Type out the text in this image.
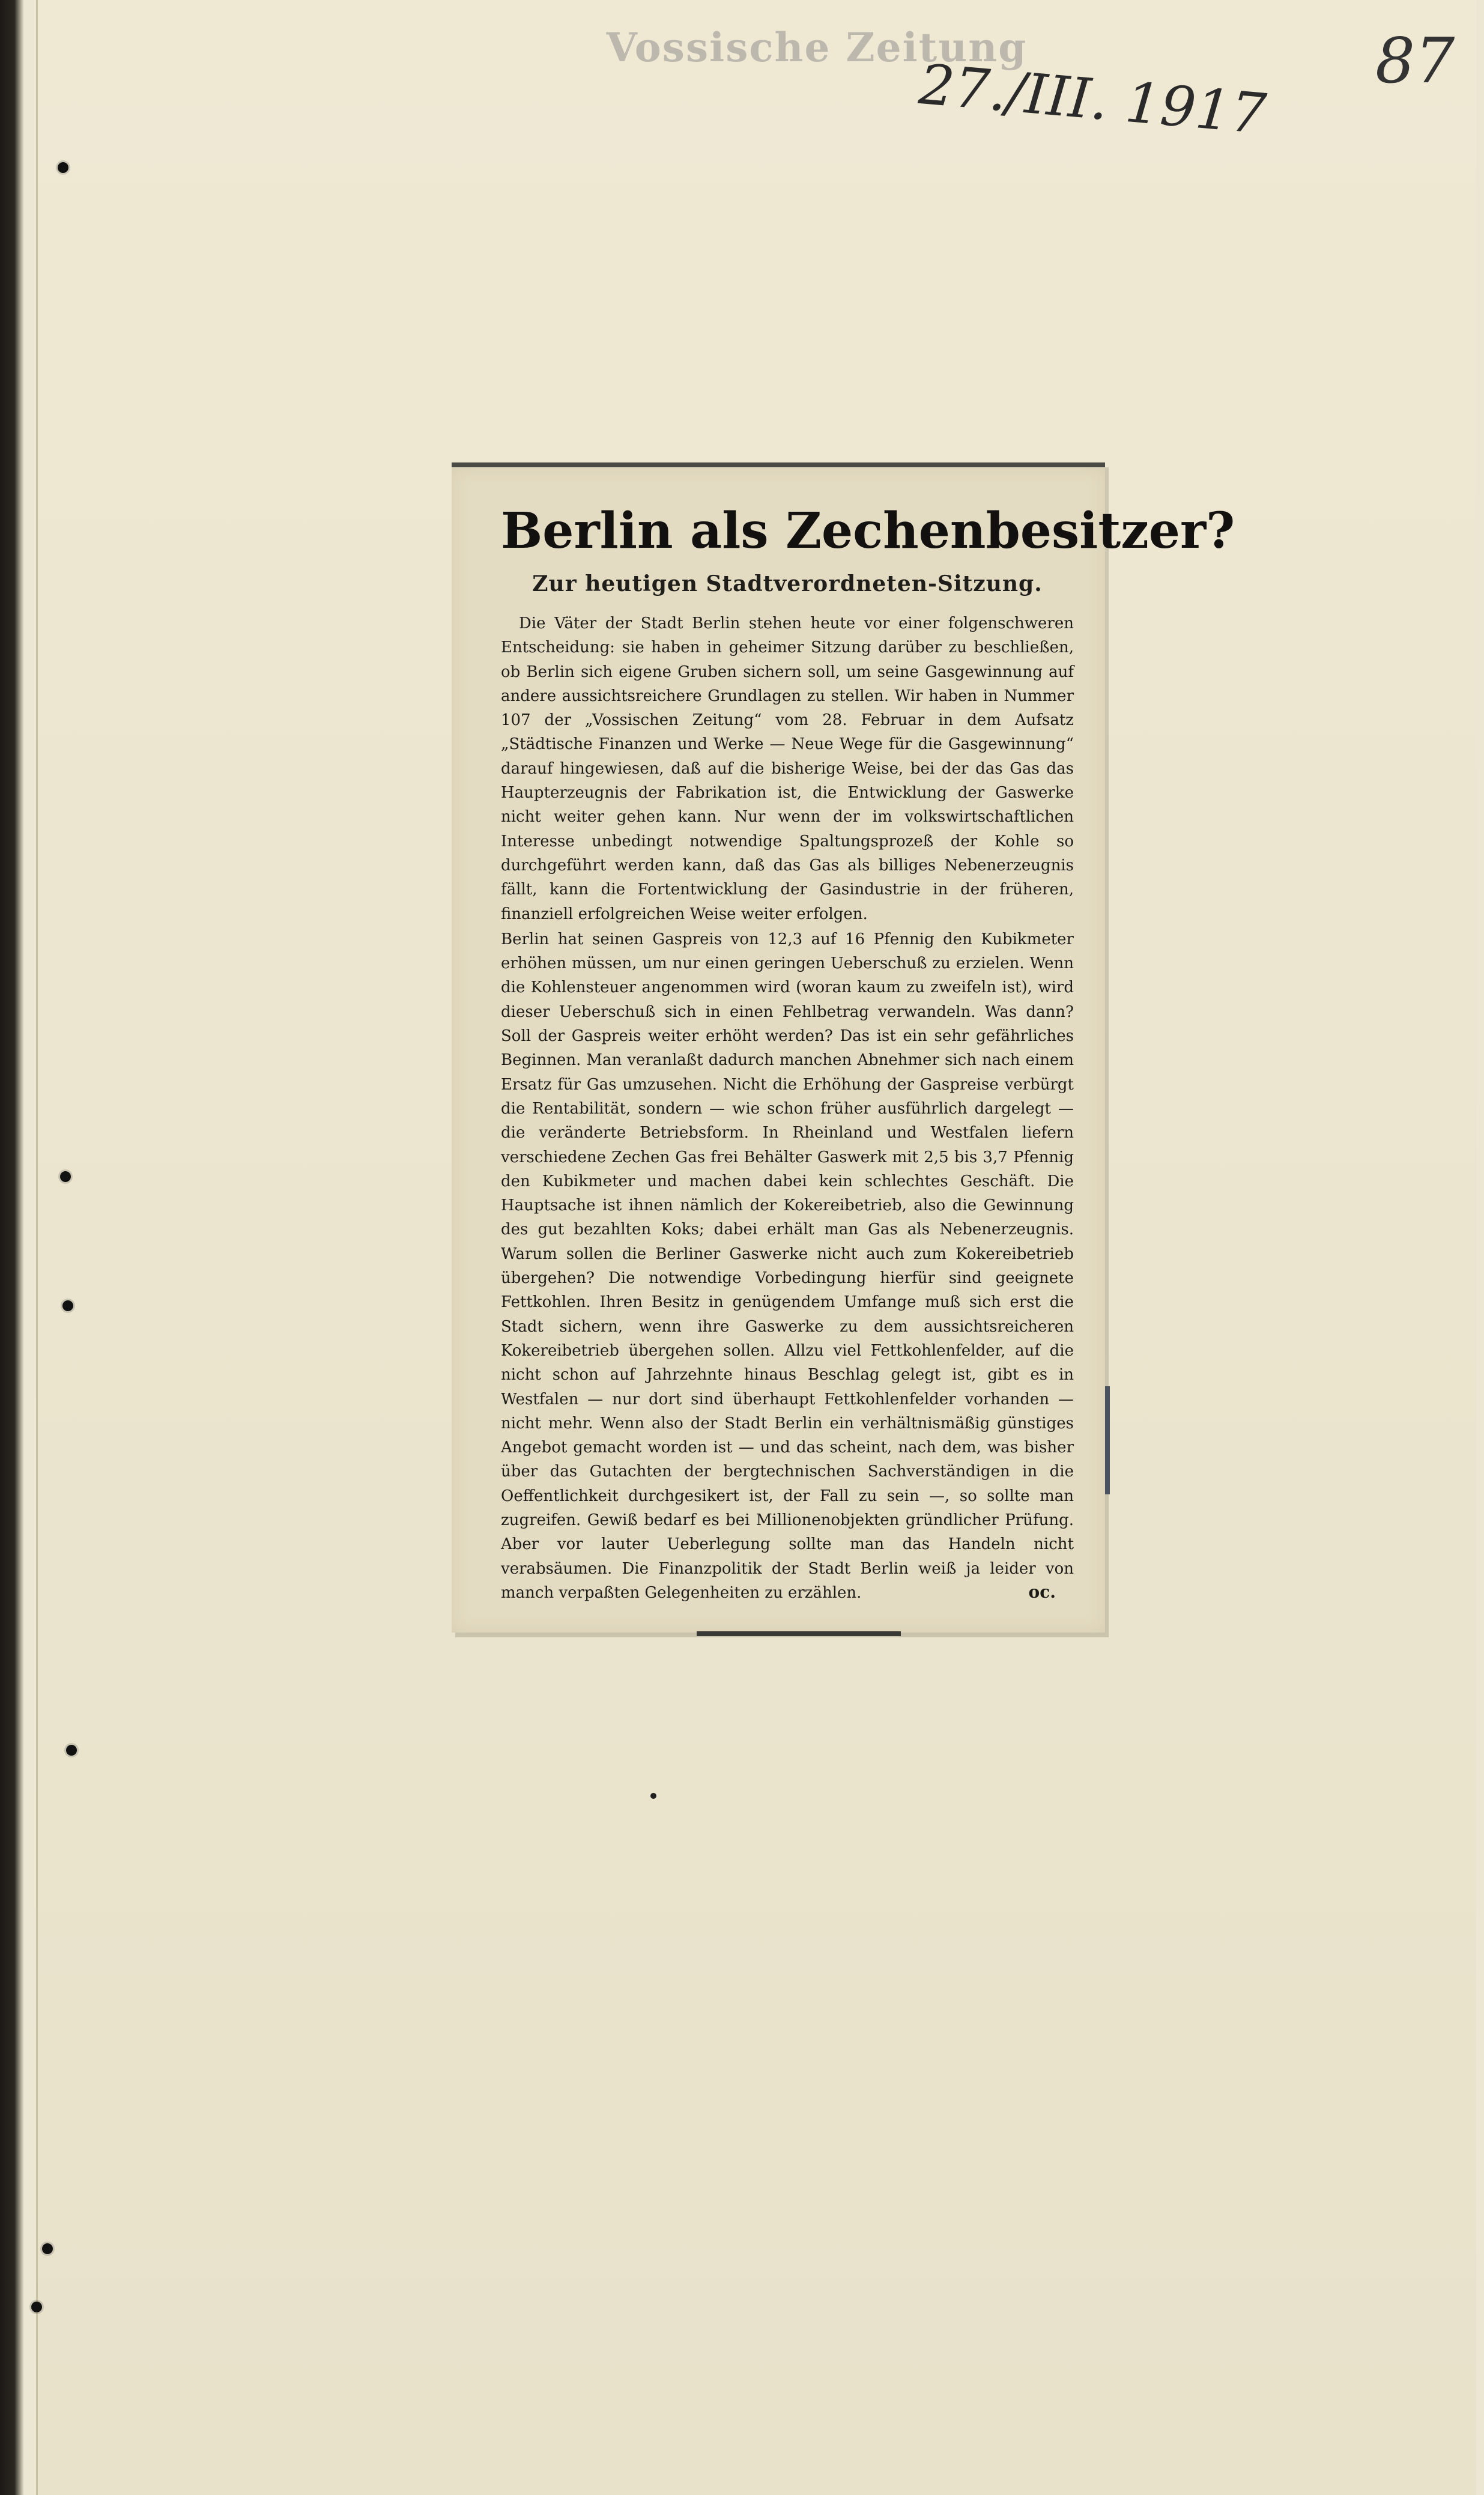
Vossische Zeitung
27./III. 1917 87
Berlin als Zechenbesitzer?
Zur heutigen Stadtverordneten-Sitzung.

Die Väter der Stadt Berlin stehen heute vor einer folgenschweren Entscheidung: sie haben in geheimer Sitzung darüber zu beschließen, ob Berlin sich eigene Gruben sichern soll, um seine Gasgewinnung auf andere aussichtsreichere Grundlagen zu stellen. Wir haben in Nummer 107 der „Vossischen Zeitung“ vom 28. Februar in dem Aufsatz „Städtische Finanzen und Werke — Neue Wege für die Gasgewinnung“ darauf hingewiesen, daß auf die bisherige Weise, bei der das Gas das Haupterzeugnis der Fabrikation ist, die Entwicklung der Gaswerke nicht weiter gehen kann. Nur wenn der im volkswirtschaftlichen Interesse unbedingt notwendige Spaltungsprozeß der Kohle so durchgeführt werden kann, daß das Gas als billiges Nebenerzeugnis fällt, kann die Fortentwicklung der Gasindustrie in der früheren, finanziell erfolgreichen Weise weiter erfolgen.

Berlin hat seinen Gaspreis von 12,3 auf 16 Pfennig den Kubikmeter erhöhen müssen, um nur einen geringen Ueberschuß zu erzielen. Wenn die Kohlensteuer angenommen wird (woran kaum zu zweifeln ist), wird dieser Ueberschuß sich in einen Fehlbetrag verwandeln. Was dann? Soll der Gaspreis weiter erhöht werden? Das ist ein sehr gefährliches Beginnen. Man veranlaßt dadurch manchen Abnehmer sich nach einem Ersatz für Gas umzusehen. Nicht die Erhöhung der Gaspreise verbürgt die Rentabilität, sondern — wie schon früher ausführlich dargelegt — die veränderte Betriebsform. In Rheinland und Westfalen liefern verschiedene Zechen Gas frei Behälter Gaswerk mit 2,5 bis 3,7 Pfennig den Kubikmeter und machen dabei kein schlechtes Geschäft. Die Hauptsache ist ihnen nämlich der Kokereibetrieb, also die Gewinnung des gut bezahlten Koks; dabei erhält man Gas als Nebenerzeugnis. Warum sollen die Berliner Gaswerke nicht auch zum Kokereibetrieb übergehen? Die notwendige Vorbedingung hierfür sind geeignete Fettkohlen. Ihren Besitz in genügendem Umfange muß sich erst die Stadt sichern, wenn ihre Gaswerke zu dem aussichtsreicheren Kokereibetrieb übergehen sollen. Allzu viel Fettkohlenfelder, auf die nicht schon auf Jahrzehnte hinaus Beschlag gelegt ist, gibt es in Westfalen — nur dort sind überhaupt Fettkohlenfelder vorhanden — nicht mehr. Wenn also der Stadt Berlin ein verhältnismäßig günstiges Angebot gemacht worden ist — und das scheint, nach dem, was bisher über das Gutachten der bergtechnischen Sachverständigen in die Oeffentlichkeit durchgesikert ist, der Fall zu sein —, so sollte man zugreifen. Gewiß bedarf es bei Millionenobjekten gründlicher Prüfung. Aber vor lauter Ueberlegung sollte man das Handeln nicht verabsäumen. Die Finanzpolitik der Stadt Berlin weiß ja leider von manch verpaßten Gelegenheiten zu erzählen.	oc.
